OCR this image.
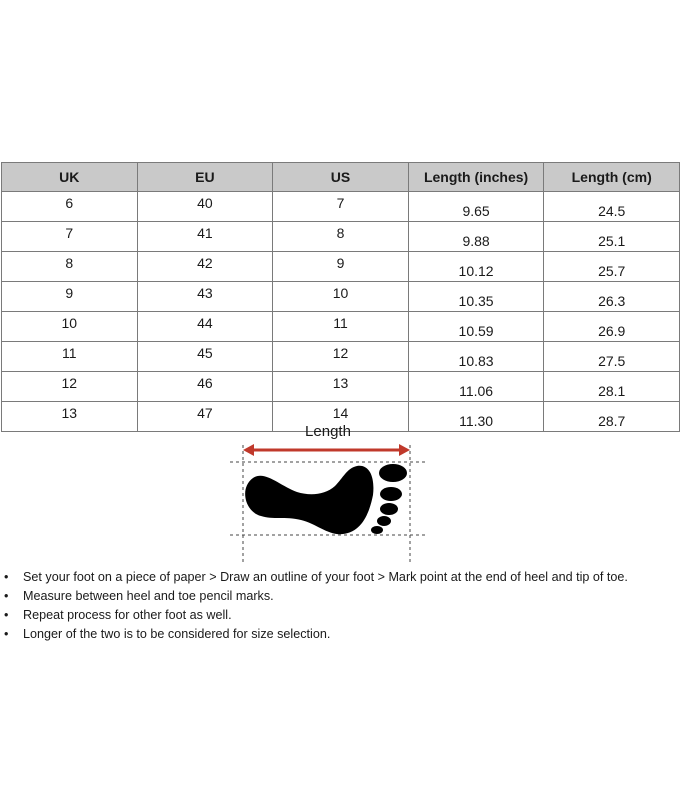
UK	EU	US	Length (inches)	Length (cm)
6	40	7	9.65	24.5
7	41	8	9.88	25.1
8	42	9	10.12	25.7
9	43	10	10.35	26.3
10	44	11	10.59	26.9
11	45	12	10.83	27.5
12	46	13	11.06	28.1
13	47	14	11.30	28.7
Length
• Set your foot on a piece of paper > Draw an outline of your foot > Mark point at the end of heel and tip of toe.
• Measure between heel and toe pencil marks.
• Repeat process for other foot as well.
• Longer of the two is to be considered for size selection.
